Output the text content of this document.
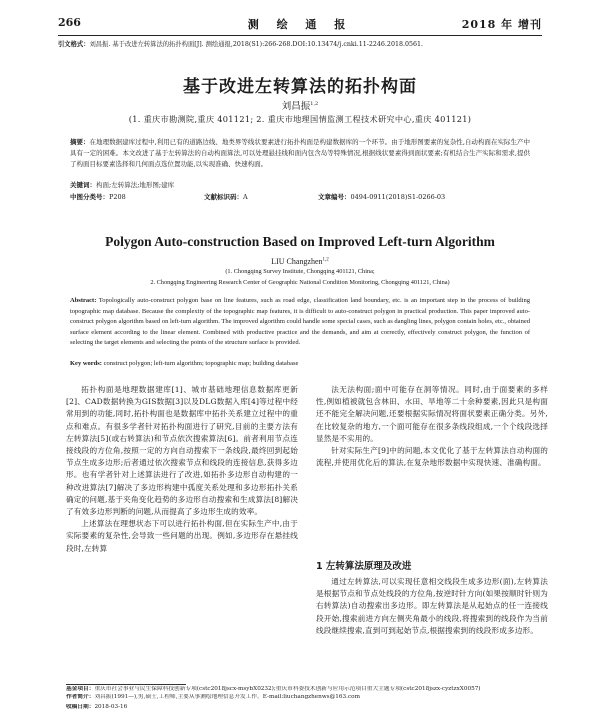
266	测 绘 通 报	2018 年 增刊
引文格式：刘昌振. 基于改进左转算法的拓扑构面[J]. 测绘通报,2018(S1):266-268.DOI:10.13474/j.cnki.11-2246.2018.0561.
基于改进左转算法的拓扑构面
刘昌振$^{1,2}$
(1. 重庆市勘测院,重庆 401121; 2. 重庆市地理国情监测工程技术研究中心,重庆 401121)
摘要：在地理数据建库过程中,利用已有的道路边线、地类界等线状要素进行拓扑构面是构建数据库的一个环节。由于地形图要素的复杂性,自动构面在实际生产中具有一定的困难。本文改进了基于左转算法的自动构面算法,可以处理悬挂线和面内包含岛等特殊情况,根据线状要素得到面状要素;有机结合生产实际和需求,提供了构面目标要素选择和几何面点选位置功能,以实现准确、快速构面。
关键词：构面;左转算法;地形图;建库
中图分类号：P208	文献标识码：A	文章编号：0494-0911(2018)S1-0266-03
Polygon Auto-construction Based on Improved Left-turn Algorithm
LIU Changzhen$^{1,2}$
(1. Chongqing Survey Institute, Chongqing 401121, China;
2. Chongqing Engineering Research Center of Geographic National Condition Monitoring, Chongqing 401121, China)
Abstract: Topologically auto-construct polygon base on line features, such as road edge, classification land boundary, etc. is an important step in the process of building topographic map database. Because the complexity of the topographic map features, it is difficult to auto-construct polygon in practical production. This paper improved auto-construct polygon algorithm based on left-turn algorithm. The improved algorithm could handle some special cases, such as dangling lines, polygon contain holes, etc., obtained surface element according to the linear element. Combined with productive practice and the demands, and aim at correctly, effectively construct polygon, the function of selecting the target elements and selecting the points of the structure surface is provided.
Key words: construct polygon; left-turn algorithm; topographic map; building database

拓扑构面是地理数据建库[1]、城市基础地理信息数据库更新[2]、CAD数据转换为GIS数据[3]以及DLG数据入库[4]等过程中经常用到的功能,同时,拓扑构面也是数据库中拓扑关系建立过程中的重点和难点。有很多学者针对拓扑构面进行了研究,目前的主要方法有左转算法[5](或右转算法)和节点依次搜索算法[6]。前者利用节点连接线段的方位角,按照一定的方向自动搜索下一条线段,最终回到起始节点生成多边形;后者通过依次搜索节点和线段的连接信息,获得多边形。也有学者针对上述算法进行了改进,如拓扑多边形自动构建的一种改进算法[7]解决了多边形构建中孤度关系处理和多边形拓扑关系确定的问题,基于夹角变化趋势的多边形自动搜索和生成算法[8]解决了有效多边形判断的问题,从而提高了多边形生成的效率。

上述算法在理想状态下可以进行拓扑构面,但在实际生产中,由于实际要素的复杂性,会导致一些问题的出现。例如,多边形存在悬挂线段时,左转算

法无法构面;面中可能存在洞等情况。同时,由于面要素的多样性,例如植被就包含林田、水田、旱地等二十余种要素,因此只是构面还不能完全解决问题,还要根据实际情况将面状要素正确分类。另外,在比较复杂的地方,一个面可能存在很多条线段组成,一个个线段选择显然是不实用的。

针对实际生产[9]中的问题,本文优化了基于左转算法自动构面的流程,并使用优化后的算法,在复杂地形数据中实现快速、准确构面。

1 左转算法原理及改进

通过左转算法,可以实现任意相交线段生成多边形(面),左转算法是根据节点和节点处线段的方位角,按逆时针方向(如果按顺时针则为右转算法)自动搜索出多边形。即左转算法是从起始点的任一连接线段开始,搜索前进方向左侧夹角最小的线段,将搜索到的线段作为当前线段继续搜索,直到可到起始节点,根据搜索到的线段形成多边形。

基金项目：重庆市社会事业与民生保障科技创新专项(cstc2018jscx-msybX0232);重庆市科委技术创新与应用示范项目重大主题专项(cstc2018jszx-cyztzxX0057)
作者简介：刘昌振(1991—),男,硕士,工程师,主要从事测绘地理信息开发工作。E-mail:liuchangzhenws@163.com
收稿日期：2018-03-16
